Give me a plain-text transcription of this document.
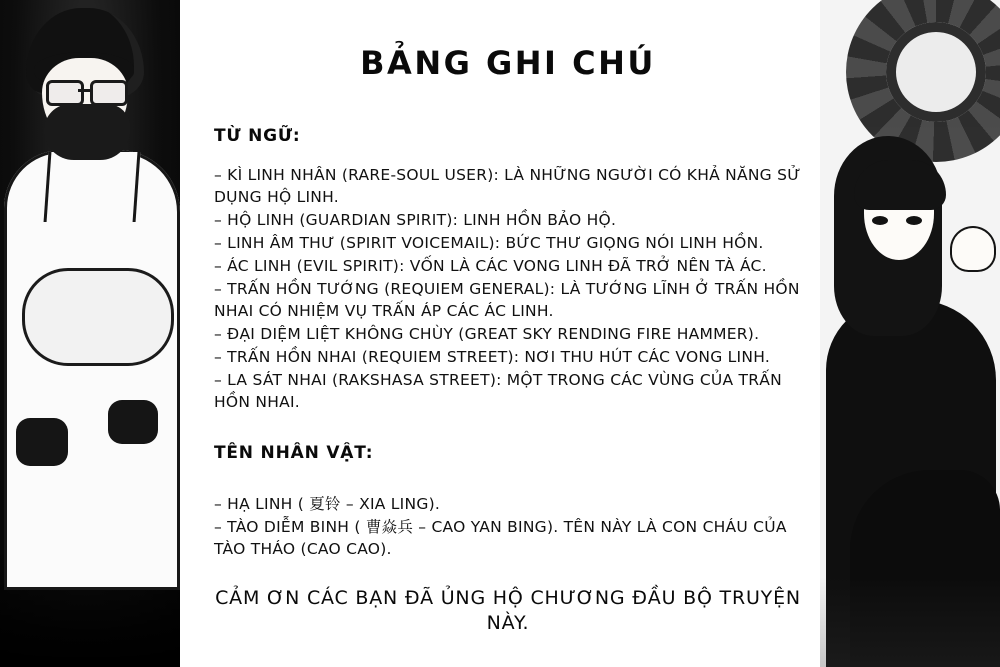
BẢNG GHI CHÚ
TỪ NGỮ:
– KÌ LINH NHÂN (RARE-SOUL USER): LÀ NHỮNG NGƯỜI CÓ KHẢ NĂNG SỬ DỤNG HỘ LINH.
– HỘ LINH (GUARDIAN SPIRIT): LINH HỒN BẢO HỘ.
– LINH ÂM THƯ (SPIRIT VOICEMAIL): BỨC THƯ GIỌNG NÓI LINH HỒN.
– ÁC LINH (EVIL SPIRIT): VỐN LÀ CÁC VONG LINH ĐÃ TRỞ NÊN TÀ ÁC.
– TRẤN HỒN TƯỚNG (REQUIEM GENERAL): LÀ TƯỚNG LĨNH Ở TRẤN HỒN NHAI CÓ NHIỆM VỤ TRẤN ÁP CÁC ÁC LINH.
– ĐẠI DIỆM LIỆT KHÔNG CHÙY (GREAT SKY RENDING FIRE HAMMER).
– TRẤN HỒN NHAI (REQUIEM STREET): NƠI THU HÚT CÁC VONG LINH.
– LA SÁT NHAI (RAKSHASA STREET): MỘT TRONG CÁC VÙNG CỦA TRẤN HỒN NHAI.
TÊN NHÂN VẬT:
– HẠ LINH ( 夏铃 – XIA LING).
– TÀO DIỄM BINH ( 曹焱兵 – CAO YAN BING). TÊN NÀY LÀ CON CHÁU CỦA TÀO THÁO (CAO CAO).

CẢM ƠN CÁC BẠN ĐÃ ỦNG HỘ CHƯƠNG ĐẦU BỘ TRUYỆN NÀY.
